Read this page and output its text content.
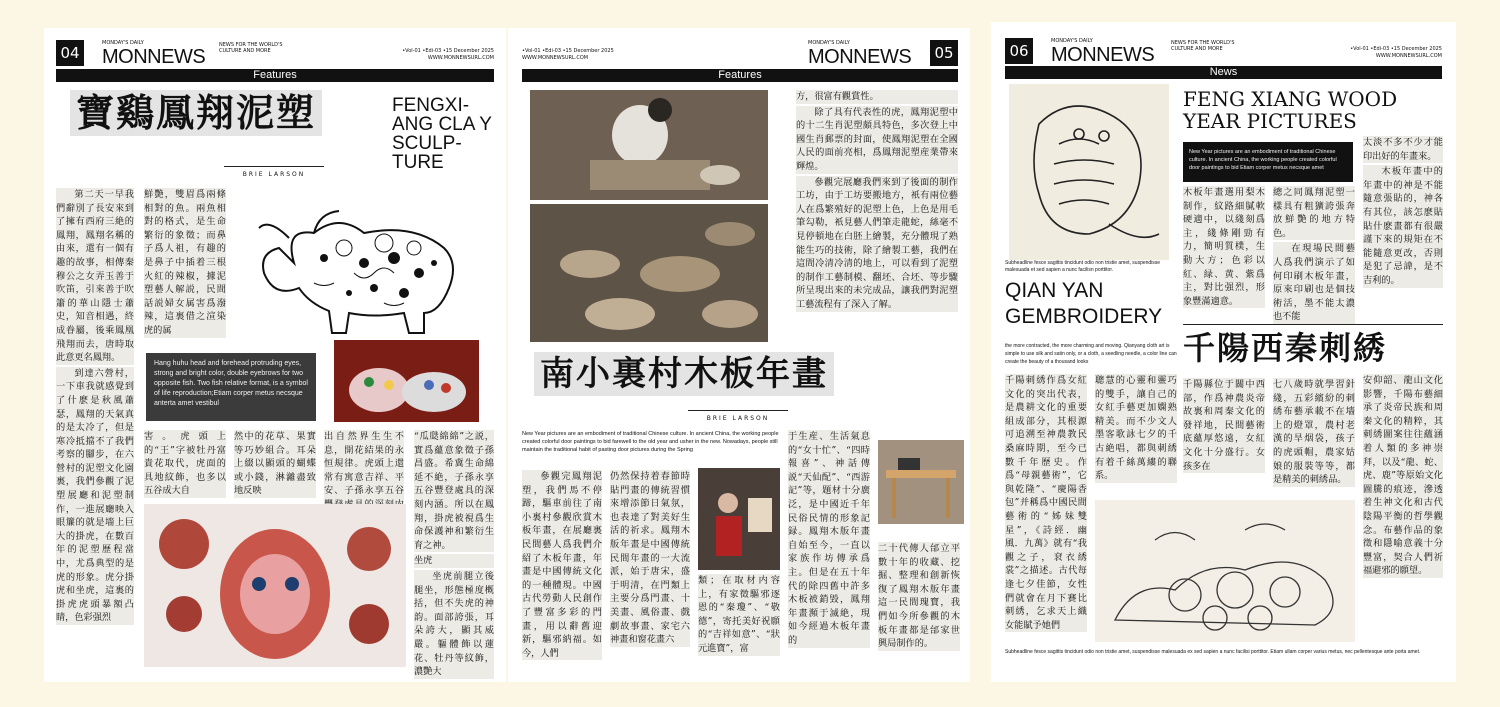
04
MONDAY'S DAILY
MONNEWS
NEWS FOR THE WORLD'S CULTURE AND MORE	•Vol-01 •Edi-03 •15 December 2025
WWW.MONNEWSURL.COM
Features
寶鷄鳳翔泥塑	FENGXI-ANG CLA Y SCULP-TURE
BRIE LARSON

第二天一早我們辭別了長安來到了擁有西府三絶的鳳翔，鳳翔名稱的由來，還有一個有趣的故事，相傳秦穆公之女弄玉善于吹笛，引來善于吹簫的華山隱士蕭史，知音相遇，終成眷屬，後乘鳳凰飛翔而去，唐時取此意更名鳳翔。

到達六營村，一下車我就感覺到了什麽是秋風蕭瑟，鳳翔的天氣真的是太冷了，但是寒冷抵擋不了我們考察的腳步，在六營村的泥塑文化園裏，我們參觀了泥塑展廳和泥塑制作，一進展廳映入眼簾的就是墻上巨大的掛虎，在數百年的泥塑歷程當中，尤爲典型的是虎的形象。虎分掛虎和坐虎，這裏的掛虎虎頭暴額凸睛，色彩强烈

鮮艷，雙眉爲兩條相對的魚。兩魚相對的格式，是生命繁衍的象徵；而鼻子爲人祖，有趣的是鼻子中插着三根火紅的辣椒，據泥塑藝人解説，民間話説婦女属害爲潑辣，這裏借之渲染虎的属

Hang huhu head and forehead protruding eyes, strong and bright color, double eyebrows for two opposite fish. Two fish relative format, is a symbol of life reproduction;Etiam corper metus necsque anterta amet vestibul

害。虎頭上的“王”字被牡丹富貴花取代，虎面的具地紋飾，也多以五谷成大自

然中的花草、果實等巧妙組合。耳朵上綴以顯頭的蝴蝶或小錢，淋灕盡致地反映

出自然界生生不息，開花結果的永恒規律。虎頭上還常有寓意吉祥、平安、子孫永享五谷

“瓜瓞綿綿”之説，實爲蘊意象徵子孫昌盛。希冀生命綿延不絶，子孫永享五谷豐登處具的深刻内涵。所以在鳳翔，掛虎被視爲生命保護神和繁衍生育之神。

坐虎

坐虎前腿立後腿坐，形態極度概括，但不失虎的神韵。面部誇張，耳朵誇大，顯其威嚴。軀體飾以蓮花、牡丹等紋飾，濃艷大

•Vol-01 •Edi-03 •15 December 2025
WWW.MONNEWSURL.COM
MONDAY'S DAILY
MONNEWS 05
Features

方，很富有觀賞性。

除了具有代表性的虎，鳳翔泥塑中的十二生肖泥塑頗具特色，多次登上中國生肖郵票的封面，使鳳翔泥塑在全國人民的面前亮相，爲鳳翔泥塑産業帶來輝煌。

參觀完展廳我們來到了後面的制作工坊，由于工坊要搬地方，衹有兩位藝人在爲繁殖好的泥塑上色，上色是用毛筆勾勒，衹見藝人們筆走龍蛇，絲毫不見停頓地在白胚上繪製，充分體現了熟能生巧的技術，除了繪製工藝，我們在這間冷清冷清的地上，可以看到了泥塑的制作工藝制模、翻坯、合坯、等步驟所呈現出來的未完成品，讓我們對泥塑工藝流程有了深入了解。

南小裏村木板年畫
BRIE LARSON
New Year pictures are an embodiment of traditional Chinese culture. In ancient China, the working people created colorful door paintings to bid farewell to the old year and usher in the new. Nowadays, people still maintain the traditional habit of pasting door pictures during the Spring

參觀完鳳翔泥塑，我們馬不停蹄，驅車前往了南小裏村參觀欣賞木板年畫，在展廳裏民間藝人爲我們介紹了木板年畫，年畫是中國傳統文化的一種體現。中國古代勞動人民創作了豐富多彩的門畫，用以辭舊迎新，驅邪納福。如今，人們

仍然保持着春節時貼門畫的傳統習慣來增添節日氣氛，也表達了對美好生活的祈求。鳳翔木版年畫是中國傳統民間年畫的一大流派，始于唐宋，盛于明清，在門類上主要分爲門畫、十美畫、風俗畫、戲劇故事畫、家宅六神畫和窗花畫六

類；在取材内容上，有家徵驅邪逐恩的“秦瓊”、“敬德”，寄托美好祝願的“吉祥如意”、“狀元進寶”，富

于生産、生活氣息的“女十忙”、“四時報喜”、神話傳説“天仙配”、“西游記”等，題材十分廣泛，是中國近千年民俗民情的形象記録。鳳翔木版年畫自始至今，一直以家族作坊傳承爲主。但是在五十年代的除四舊中許多木板被銷毀，鳳翔年畫瀕于滅絶，現如今經過木板年畫的

二十代傳人邰立平數十年的收藏、挖掘、整理和創新恢復了鳳翔木版年畫這一民間瑰寶，我們如今所參觀的木板年畫都是邰家世興局制作的。

06
MONDAY'S DAILY
MONNEWS
NEWS FOR THE WORLD'S CULTURE AND MORE	•Vol-01 •Edi-03 •15 December 2025
WWW.MONNEWSURL.COM
News
Subheadline fesce sagittis tincidunt odio non tristie amet, suspendisse malesuada et sed sapien a nunc facilisn porttitor.
FENG XIANG WOOD
YEAR PICTURES
New Year pictures are an embodiment of traditional Chinese culture. In ancient China, the working people created colorful door paintings to bid Etiam corper metus necsque amet

木板年畫選用梨木制作，紋路細膩軟硬適中，以綫刻爲主，綫條剛勁有力，簡明質樸，生動大方；色彩以紅、緑、黄、紫爲主，對比强烈，形象豐滿適意。

總之同鳳翔泥塑一樣具有粗獷誇張奔放鮮艷的地方特色。

在現場民間藝人爲我們演示了如何印刷木板年畫，原來印刷也是個技術活，墨不能太濃也不能

太淡不多不少才能印出好的年畫來。

木板年畫中的年畫中的神是不能隨意張貼的，神各有其位，該怎麽貼貼什麽畫都有很嚴謹下來的規矩在不能隨意更改，否則是犯了忌諱，是不吉利的。

QIAN YAN
GEMBROIDERY
the more contracted, the more charming and moving. Qianyang cloth art is simple to use silk and satin only, or a cloth, a seedling needle, a color line can create the beauty of a thousand looks	千陽西秦刺綉

千陽刺綉作爲女紅文化的突出代表，是農耕文化的重要組成部分，其根源可追溯至神農教民桑麻時期，至今已數千年歷史。作爲“母親藝術”，它與乾隆”、“慶陽香包”并稱爲中國民間藝術的“姊妹雙星”，《詩經．幽風．九萬》就有“我觀之子，袞衣綉裳”之描述。古代每逢七夕佳節，女性們就會在月下賽比刺綉，乞求天上織女能賦予她們

聰慧的心靈和靈巧的雙手，讓自己的女紅手藝更加嫻熟精美。而不少文人墨客歌詠七夕的千古絶唱，都與刺綉有着千絲萬縷的聯系。

千陽縣位于關中西部，作爲神農炎帝故裏和周秦文化的發祥地，民間藝術底蘊厚悠遠，女紅文化十分盛行。女孩多在

七八歲時就學習針綫，五彩繽紛的刺綉布藝承載不在墻上的燈罩，農村老漢的旱烟袋，孩子的虎頭帽，農家姑娘的服裝等等，都是精美的刺綉品。

安仰韶、龍山文化影響，千陽布藝細承了炎帝民族和周秦文化的精粹，其刺綉圖案往往蘊涵着人類的多神崇拜，以及“龍、蛇、虎、鹿”等原始文化圖騰的痕迹，滲透着生神文化和古代陰陽平衡的哲學觀念。布藝作品的象徵和隱喻意義十分豐富，契合人們祈福避邪的願望。

Subheadline fesce sagittis tincidunt odio non tristie amet, suspendisse malesuada ex sed sapien a nunc facilisi porttitor. Etiam ullam corper varius metus, nec pellentesque ante porta amet.
